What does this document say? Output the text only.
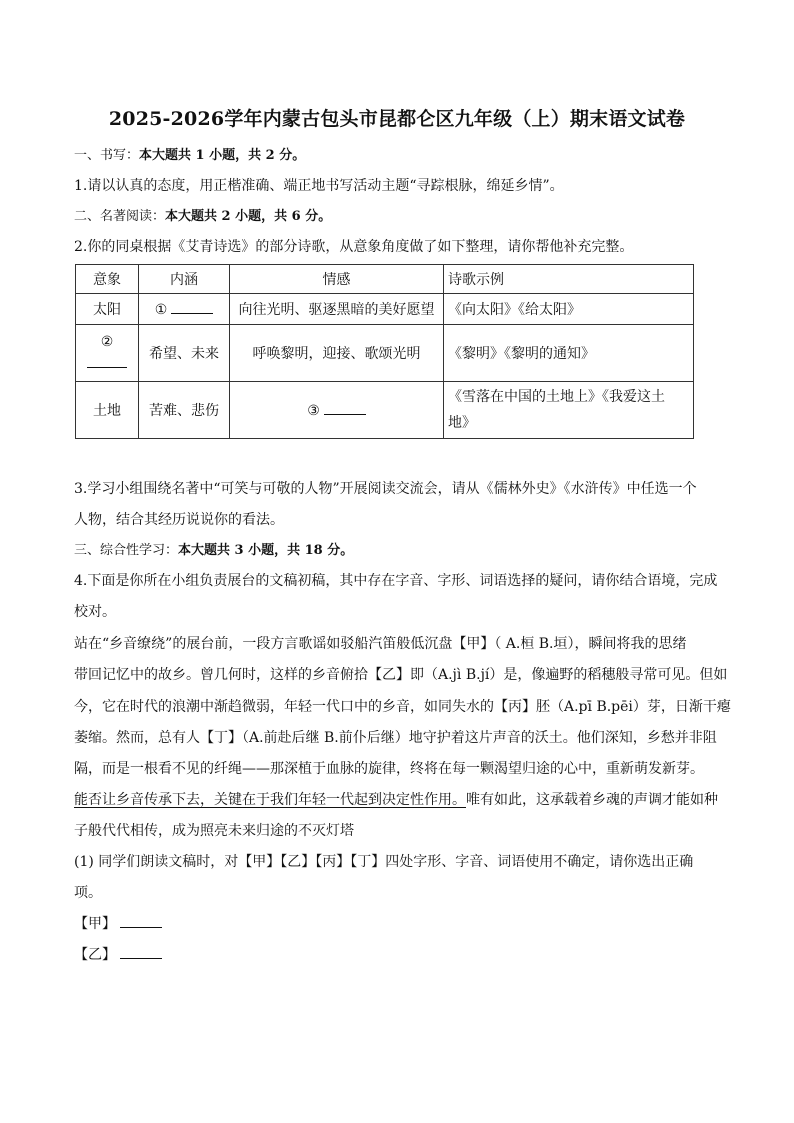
2025-2026学年内蒙古包头市昆都仑区九年级（上）期末语文试卷
一、书写：本大题共 1 小题，共 2 分。
1.请以认真的态度，用正楷准确、端正地书写活动主题“寻踪根脉，绵延乡情”。
二、名著阅读：本大题共 2 小题，共 6 分。
2.你的同桌根据《艾青诗选》的部分诗歌，从意象角度做了如下整理，请你帮他补充完整。
意象	内涵	情感	诗歌示例
太阳	①	向往光明、驱逐黑暗的美好愿望	《向太阳》《给太阳》

②	希望、未来	呼唤黎明，迎接、歌颂光明	《黎明》《黎明的通知》
土地	苦难、悲伤	③	《雪落在中国的土地上》《我爱这土
地》
3.学习小组围绕名著中“可笑与可敬的人物”开展阅读交流会，请从《儒林外史》《水浒传》中任选一个
人物，结合其经历说说你的看法。
三、综合性学习：本大题共 3 小题，共 18 分。
4.下面是你所在小组负责展台的文稿初稿，其中存在字音、字形、词语选择的疑问，请你结合语境，完成
校对。
站在“乡音缭绕”的展台前，一段方言歌谣如驳船汽笛般低沉盘【甲】（ A.桓 B.垣），瞬间将我的思绪
带回记忆中的故乡。曾几何时，这样的乡音俯拾【乙】即（A.jì B.jí）是，像遍野的稻穗般寻常可见。但如
今，它在时代的浪潮中渐趋微弱，年轻一代口中的乡音，如同失水的【丙】胚（A.pī B.pēi）芽，日渐干瘪
萎缩。然而，总有人【丁】（A.前赴后继 B.前仆后继）地守护着这片声音的沃土。他们深知，乡愁并非阻
隔，而是一根看不见的纤绳——那深植于血脉的旋律，终将在每一颗渴望归途的心中，重新萌发新芽。
能否让乡音传承下去，关键在于我们年轻一代起到决定性作用。唯有如此，这承载着乡魂的声调才能如种
子般代代相传，成为照亮未来归途的不灭灯塔
(1) 同学们朗读文稿时，对【甲】【乙】【丙】【丁】四处字形、字音、词语使用不确定，请你选出正确
项。
【甲】
【乙】
